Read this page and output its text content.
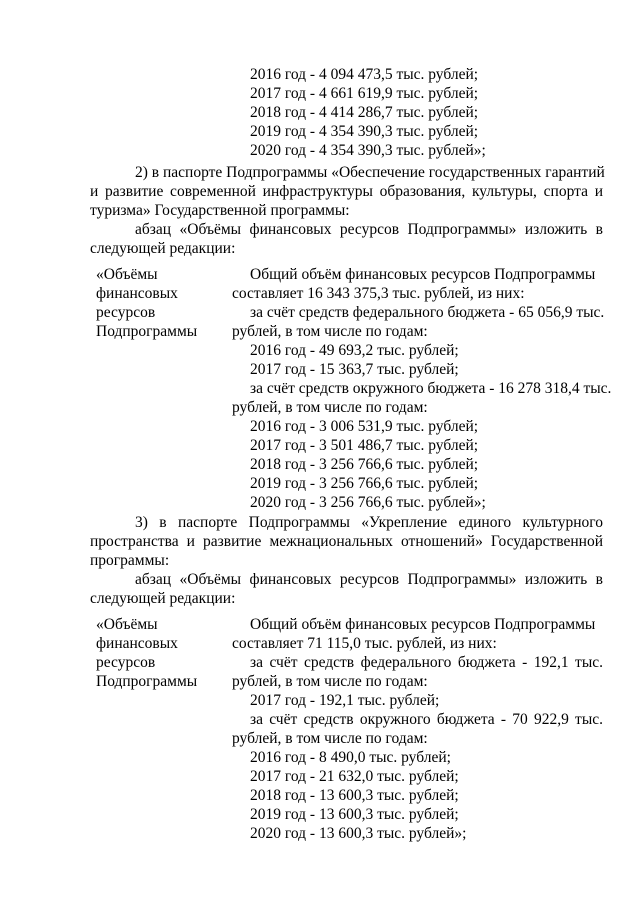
2016 год - 4 094 473,5 тыс. рублей;
2017 год - 4 661 619,9 тыс. рублей;
2018 год - 4 414 286,7 тыс. рублей;
2019 год - 4 354 390,3 тыс. рублей;
2020 год - 4 354 390,3 тыс. рублей»;
2) в паспорте Подпрограммы «Обеспечение государственных гарантий
и развитие современной инфраструктуры образования, культуры, спорта и
туризма» Государственной программы:
абзац «Объёмы финансовых ресурсов Подпрограммы» изложить в
следующей редакции:
«Объёмы
финансовых
ресурсов
Подпрограммы
Общий объём финансовых ресурсов Подпрограммы
составляет 16 343 375,3 тыс. рублей, из них:
за счёт средств федерального бюджета - 65 056,9 тыс.
рублей, в том числе по годам:
2016 год - 49 693,2 тыс. рублей;
2017 год - 15 363,7 тыс. рублей;
за счёт средств окружного бюджета - 16 278 318,4 тыс.
рублей, в том числе по годам:
2016 год - 3 006 531,9 тыс. рублей;
2017 год - 3 501 486,7 тыс. рублей;
2018 год - 3 256 766,6 тыс. рублей;
2019 год - 3 256 766,6 тыс. рублей;
2020 год - 3 256 766,6 тыс. рублей»;
3) в паспорте Подпрограммы «Укрепление единого культурного
пространства и развитие межнациональных отношений» Государственной
программы:
абзац «Объёмы финансовых ресурсов Подпрограммы» изложить в
следующей редакции:
«Объёмы
финансовых
ресурсов
Подпрограммы
Общий объём финансовых ресурсов Подпрограммы
составляет 71 115,0 тыс. рублей, из них:
за счёт средств федерального бюджета - 192,1 тыс.
рублей, в том числе по годам:
2017 год - 192,1 тыс. рублей;
за счёт средств окружного бюджета - 70 922,9 тыс.
рублей, в том числе по годам:
2016 год - 8 490,0 тыс. рублей;
2017 год - 21 632,0 тыс. рублей;
2018 год - 13 600,3 тыс. рублей;
2019 год - 13 600,3 тыс. рублей;
2020 год - 13 600,3 тыс. рублей»;
